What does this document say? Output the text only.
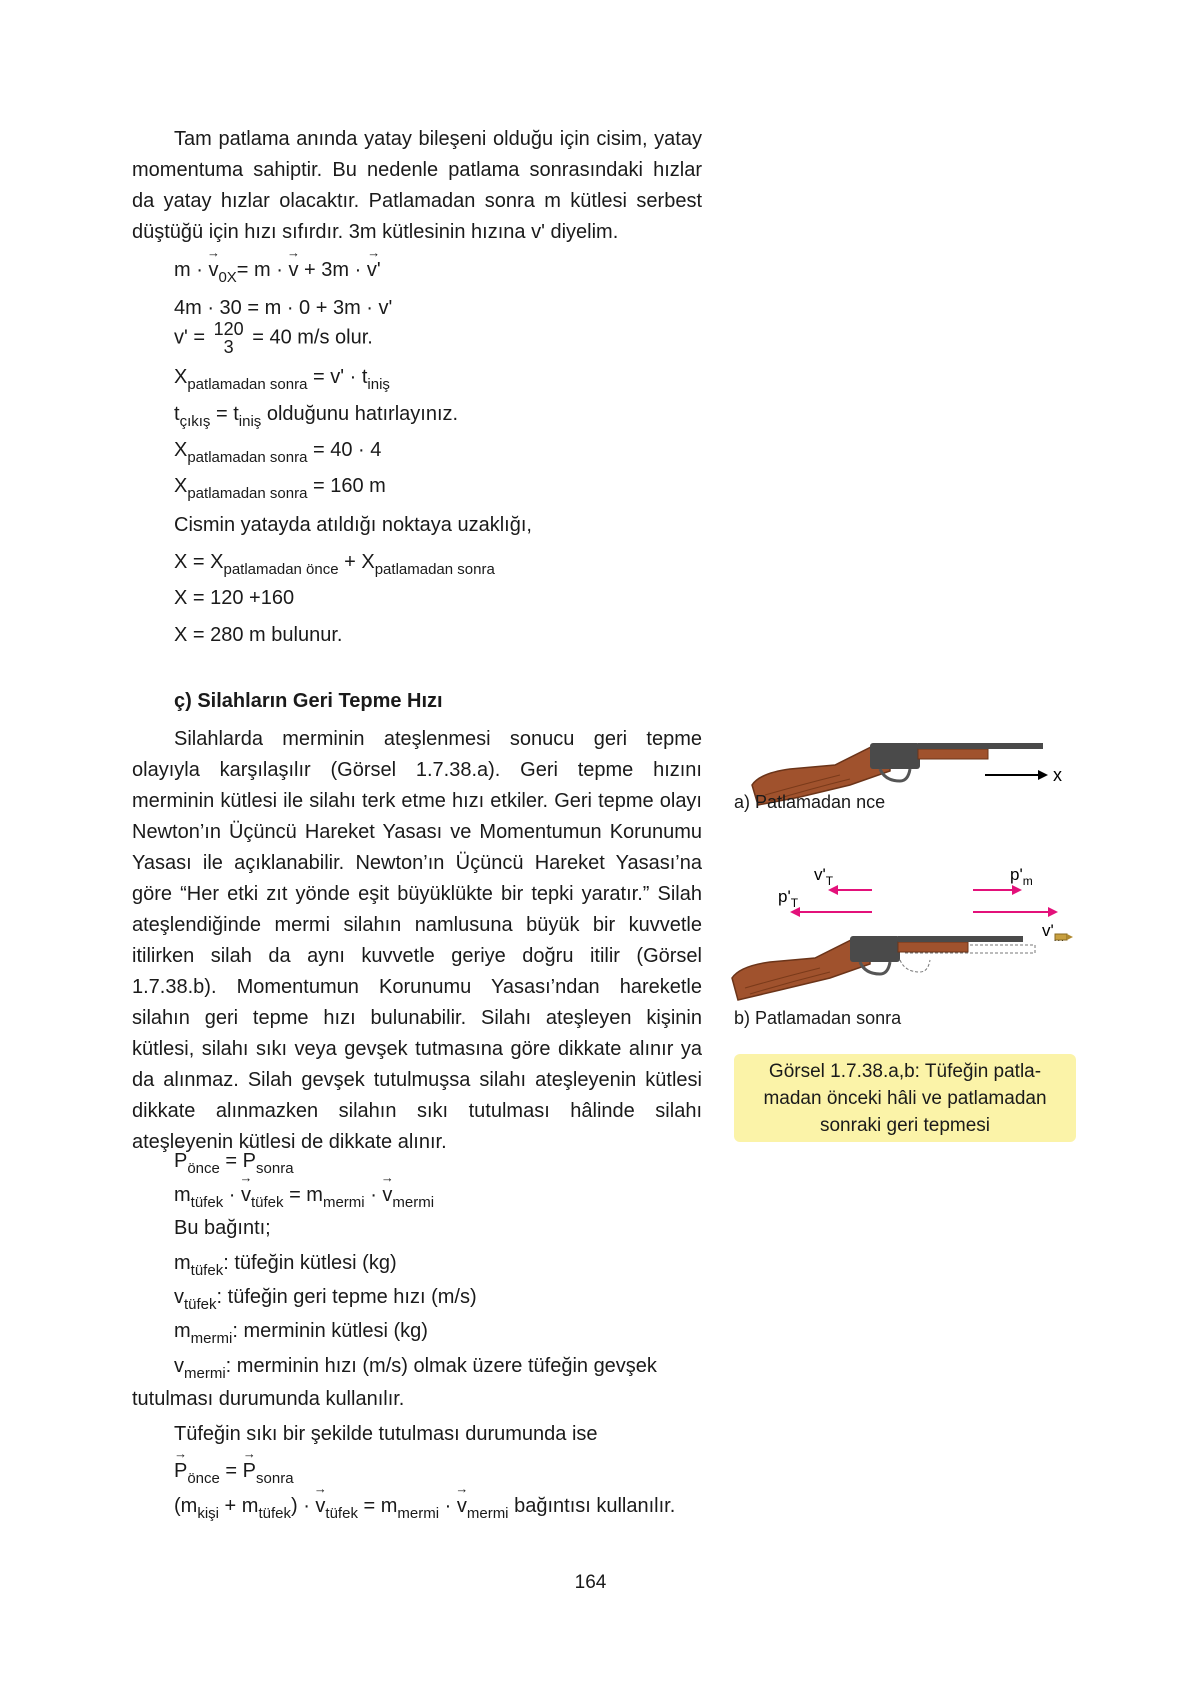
Tam patlama anında yatay bileşeni olduğu için cisim, yatay momentuma sahiptir. Bu nedenle patlama sonrasındaki hızlar da yatay hızlar olacaktır. Patlamadan sonra m kütlesi serbest düştüğü için hızı sıfırdır. 3m kütlesinin hızına v' diyelim.

m · → $v_{0X}= m$ · → v + 3m · → v'
4m · 30 = m · 0 + 3m · v'
v' = 120
3 = 40 m/s olur.
$X_{patlamadan sonra} = v' \cdot t_{iniş}$
$t_{çıkış} = t_{iniş}$ olduğunu hatırlayınız.
$X_{patlamadan sonra} = 40 \cdot 4$
$X_{patlamadan sonra} = 160$ m
Cismin yatayda atıldığı noktaya uzaklığı,
$X = X_{patlamadan önce} + X_{patlamadan sonra}$
X = 120 +160
X = 280 m bulunur.
ç) Silahların Geri Tepme Hızı

Silahlarda merminin ateşlenmesi sonucu geri tepme olayıyla karşılaşılır (Görsel 1.7.38.a). Geri tepme hızını merminin kütlesi ile silahı terk etme hızı etkiler. Geri tepme olayı Newton’ın Üçüncü Hareket Yasası ve Momentumun Korunumu Yasası ile açıklanabilir. Newton’ın Üçüncü Hareket Yasası’na göre “Her etki zıt yönde eşit büyüklükte bir tepki yaratır.” Silah ateşlendiğinde mermi silahın namlusuna büyük bir kuvvetle itilirken silah da aynı kuvvetle geriye doğru itilir (Görsel 1.7.38.b). Momentumun Korunumu Yasası’ndan hareketle silahın geri tepme hızı bulunabilir. Silahı ateşleyen kişinin kütlesi, silahı sıkı veya gevşek tutmasına göre dikkate alınır ya da alınmaz. Silah gevşek tutulmuşsa silahı ateşleyenin kütlesi dikkate alınmazken silahın sıkı tutulması hâlinde silahı ateşleyenin kütlesi de dikkate alınır.

→ $P_{önce}$ = → $P_{sonra}$
$m_{tüfek}$ · → $v_{tüfek} = m_{mermi}$ · → $v_{mermi}$
Bu bağıntı;
$m_{tüfek}$: tüfeğin kütlesi (kg)
$v_{tüfek}$: tüfeğin geri tepme hızı (m/s)
$m_{mermi}$: merminin kütlesi (kg)
$v_{mermi}$: merminin hızı (m/s) olmak üzere tüfeğin gevşek
tutulması durumunda kullanılır.
Tüfeğin sıkı bir şekilde tutulması durumunda ise
→ $P_{önce}$ = → $P_{sonra}$
$(m_{kişi} + m_{tüfek})$ · → $v_{tüfek} = m_{mermi}$ · → $v_{mermi}$ bağıntısı kullanılır.
x
a) Patlamadan nce
$v'_T$
$p'_T$
$p'_m$
v'
b) Patlamadan sonra
Görsel 1.7.38.a,b: Tüfeğin patla-
madan önceki hâli ve patlamadan
sonraki geri tepmesi
164
